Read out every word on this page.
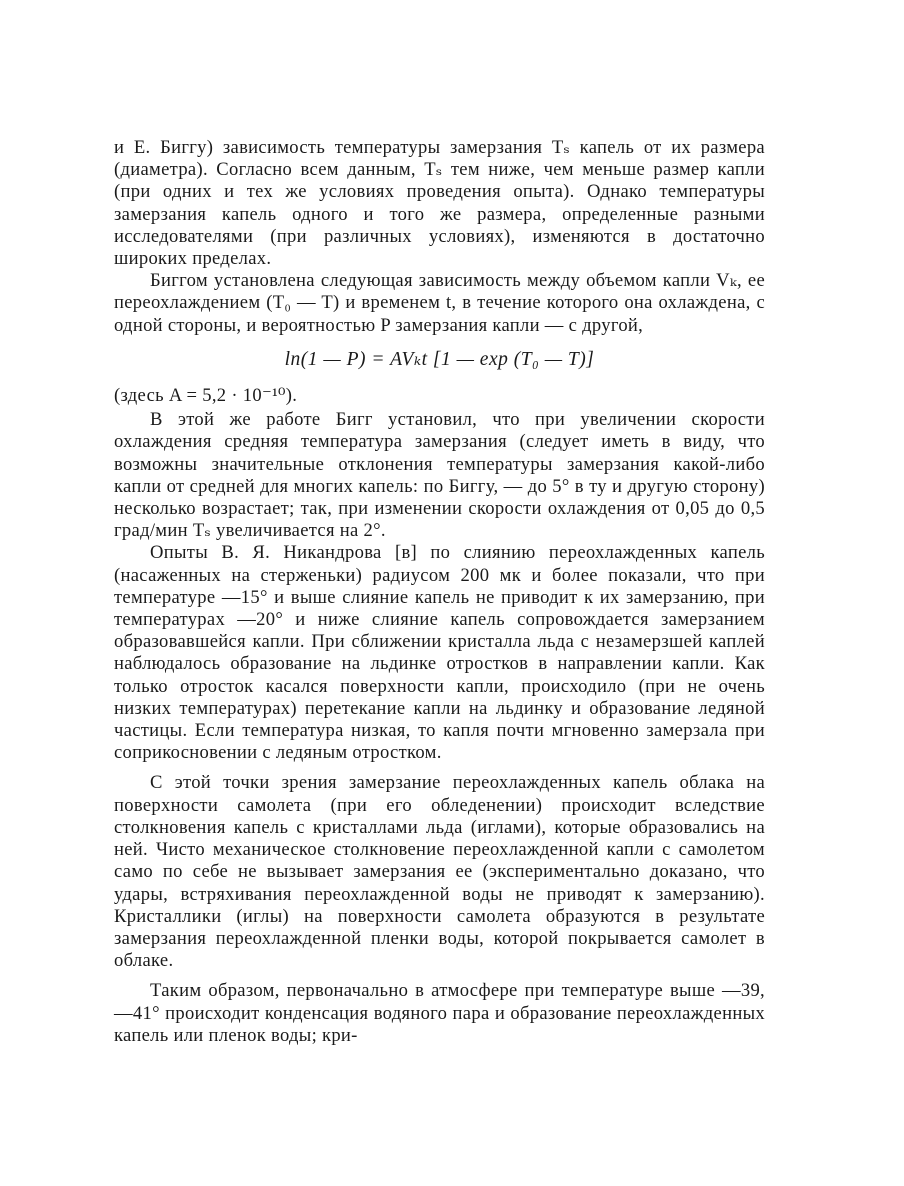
и Е. Биггу) зависимость температуры замерзания Tₛ капель от их размера (диаметра). Согласно всем данным, Tₛ тем ниже, чем меньше размер капли (при одних и тех же условиях проведения опыта). Однако температуры замерзания капель одного и того же размера, определенные разными исследователями (при различных условиях), изменяются в достаточно широких пределах.

Биггом установлена следующая зависимость между объемом капли Vₖ, ее переохлаждением (T₀ — T) и временем t, в течение которого она охлаждена, с одной стороны, и вероятностью P замерзания капли — с другой,

ln(1 — P) = AVₖt [1 — exp (T₀ — T)]

(здесь A = 5,2 · 10⁻¹⁰).

В этой же работе Бигг установил, что при увеличении скорости охлаждения средняя температура замерзания (следует иметь в виду, что возможны значительные отклонения температуры замерзания какой-либо капли от средней для многих капель: по Биггу, — до 5° в ту и другую сторону) несколько возрастает; так, при изменении скорости охлаждения от 0,05 до 0,5 град/мин Tₛ увеличивается на 2°.

Опыты В. Я. Никандрова [в] по слиянию переохлажденных капель (насаженных на стерженьки) радиусом 200 мк и более показали, что при температуре —15° и выше слияние капель не приводит к их замерзанию, при температурах —20° и ниже слияние капель сопровождается замерзанием образовавшейся капли. При сближении кристалла льда с незамерзшей каплей наблюдалось образование на льдинке отростков в направлении капли. Как только отросток касался поверхности капли, происходило (при не очень низких температурах) перетекание капли на льдинку и образование ледяной частицы. Если температура низкая, то капля почти мгновенно замерзала при соприкосновении с ледяным отростком.

С этой точки зрения замерзание переохлажденных капель облака на поверхности самолета (при его обледенении) происходит вследствие столкновения капель с кристаллами льда (иглами), которые образовались на ней. Чисто механическое столкновение переохлажденной капли с самолетом само по себе не вызывает замерзания ее (экспериментально доказано, что удары, встряхивания переохлажденной воды не приводят к замерзанию). Кристаллики (иглы) на поверхности самолета образуются в результате замерзания переохлажденной пленки воды, которой покрывается самолет в облаке.

Таким образом, первоначально в атмосфере при температуре выше —39, —41° происходит конденсация водяного пара и образование переохлажденных капель или пленок воды; кри-
